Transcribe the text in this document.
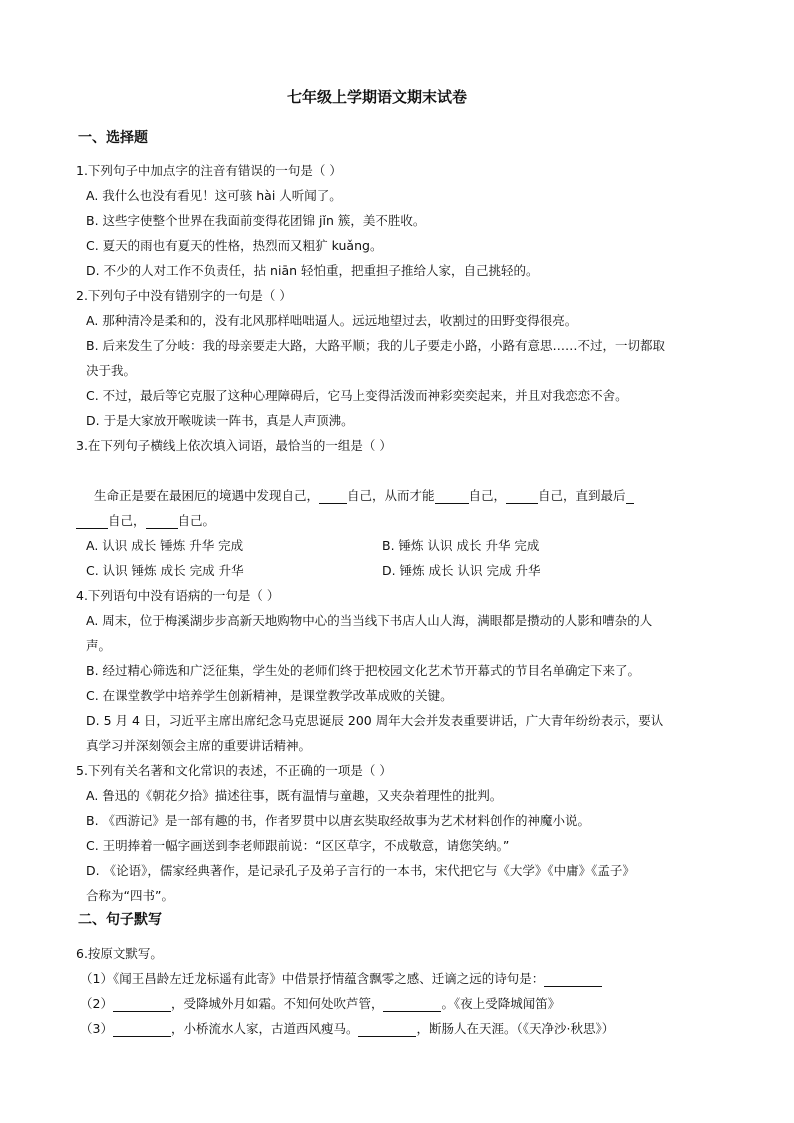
七年级上学期语文期末试卷
一、选择题
1.下列句子中加点字的注音有错误的一句是（ ）
A. 我什么也没有看见！这可骇 hài 人听闻了。
B. 这些字使整个世界在我面前变得花团锦 jǐn 簇，美不胜收。
C. 夏天的雨也有夏天的性格，热烈而又粗犷 kuǎng。
D. 不少的人对工作不负责任，拈 niān 轻怕重，把重担子推给人家，自己挑轻的。
2.下列句子中没有错别字的一句是（ ）
A. 那种清冷是柔和的，没有北风那样咄咄逼人。远远地望过去，收割过的田野变得很亮。
B. 后来发生了分岐：我的母亲要走大路，大路平顺；我的儿子要走小路，小路有意思……不过，一切都取
决于我。
C. 不过，最后等它克服了这种心理障碍后，它马上变得活泼而神彩奕奕起来，并且对我恋恋不舍。
D. 于是大家放开喉咙读一阵书，真是人声顶沸。
3.在下列句子横线上依次填入词语，最恰当的一组是（ ）
生命正是要在最困厄的境遇中发现自己， 自己，从而才能	自己，	自己，直到最后
自己，	自己。
A. 认识 成长 锤炼 升华 完成	B. 锤炼 认识 成长 升华 完成
C. 认识 锤炼 成长 完成 升华	D. 锤炼 成长 认识 完成 升华
4.下列语句中没有语病的一句是（ ）
A. 周末，位于梅溪湖步步高新天地购物中心的当当线下书店人山人海，满眼都是攒动的人影和嘈杂的人
声。
B. 经过精心筛选和广泛征集，学生处的老师们终于把校园文化艺术节开幕式的节目名单确定下来了。
C. 在课堂教学中培养学生创新精神，是课堂教学改革成败的关键。
D. 5 月 4 日，习近平主席出席纪念马克思诞辰 200 周年大会并发表重要讲话，广大青年纷纷表示，要认
真学习并深刻领会主席的重要讲话精神。
5.下列有关名著和文化常识的表述，不正确的一项是（ ）
A. 鲁迅的《朝花夕拾》描述往事，既有温情与童趣，又夹杂着理性的批判。
B. 《西游记》是一部有趣的书，作者罗贯中以唐玄奘取经故事为艺术材料创作的神魔小说。
C. 王明捧着一幅字画送到李老师跟前说：“区区草字，不成敬意，请您笑纳。”
D. 《论语》，儒家经典著作，是记录孔子及弟子言行的一本书，宋代把它与《大学》《中庸》《孟子》
合称为“四书”。
二、句子默写
6.按原文默写。
（1）《闻王昌龄左迁龙标遥有此寄》中借景抒情蕴含飘零之感、迁谪之远的诗句是：
（2）	，受降城外月如霜。不知何处吹芦管，	。《夜上受降城闻笛》
（3）	，小桥流水人家，古道西风瘦马。	，断肠人在天涯。（《天净沙·秋思》）
